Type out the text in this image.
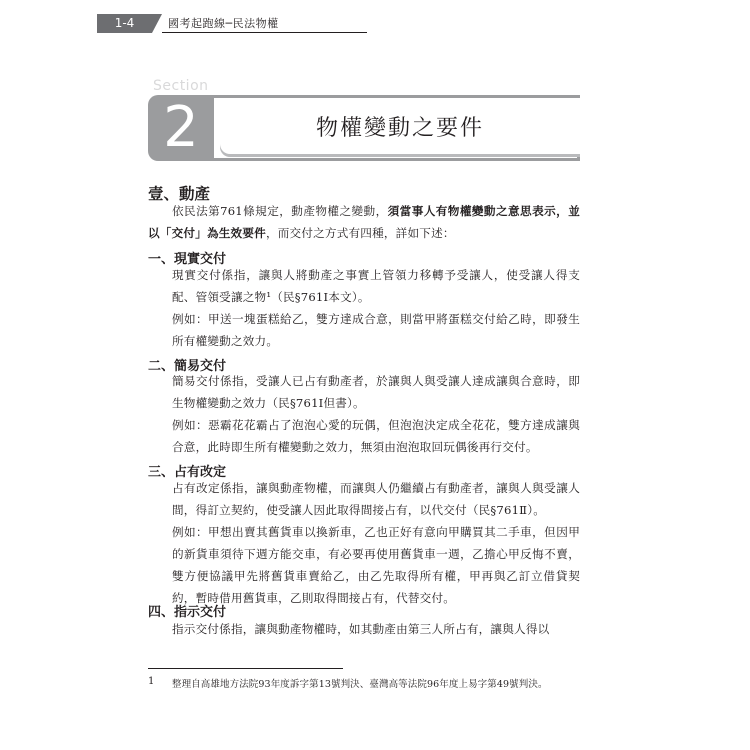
1-4	國考起跑線─民法物權
Section
2	物權變動之要件
壹、動產
依民法第761條規定，動產物權之變動，須當事人有物權變動之意思表示，並以「交付」為生效要件，而交付之方式有四種，詳如下述：
一、現實交付
現實交付係指，讓與人將動產之事實上管領力移轉予受讓人，使受讓人得支配、管領受讓之物¹（民§761Ⅰ本文）。
例如：甲送一塊蛋糕給乙，雙方達成合意，則當甲將蛋糕交付給乙時，即發生所有權變動之效力。
二、簡易交付
簡易交付係指，受讓人已占有動產者，於讓與人與受讓人達成讓與合意時，即生物權變動之效力（民§761Ⅰ但書）。
例如：惡霸花花霸占了泡泡心愛的玩偶，但泡泡決定成全花花，雙方達成讓與合意，此時即生所有權變動之效力，無須由泡泡取回玩偶後再行交付。
三、占有改定
占有改定係指，讓與動產物權，而讓與人仍繼續占有動產者，讓與人與受讓人間，得訂立契約，使受讓人因此取得間接占有，以代交付（民§761Ⅱ）。
例如：甲想出賣其舊貨車以換新車，乙也正好有意向甲購買其二手車，但因甲的新貨車須待下週方能交車，有必要再使用舊貨車一週，乙擔心甲反悔不賣，雙方便協議甲先將舊貨車賣給乙，由乙先取得所有權，甲再與乙訂立借貸契約，暫時借用舊貨車，乙則取得間接占有，代替交付。
四、指示交付
指示交付係指，讓與動產物權時，如其動產由第三人所占有，讓與人得以
1 整理自高雄地方法院93年度訴字第13號判決、臺灣高等法院96年度上易字第49號判決。
